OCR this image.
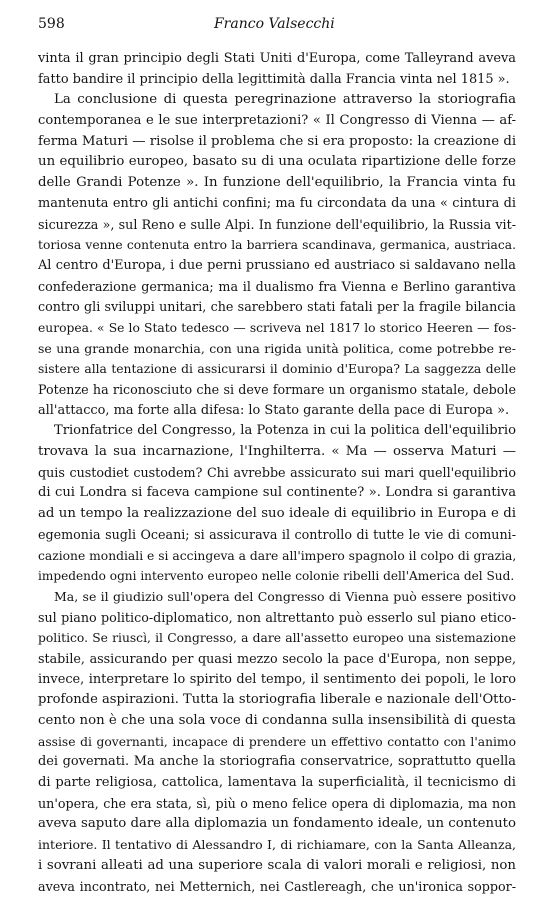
598	Franco Valsecchi
vinta il gran principio degli Stati Uniti d'Europa, come Talleyrand aveva
fatto bandire il principio della legittimità dalla Francia vinta nel 1815 ».
La conclusione di questa peregrinazione attraverso la storiografia
contemporanea e le sue interpretazioni? « Il Congresso di Vienna — af-
ferma Maturi — risolse il problema che si era proposto: la creazione di
un equilibrio europeo, basato su di una oculata ripartizione delle forze
delle Grandi Potenze ». In funzione dell'equilibrio, la Francia vinta fu
mantenuta entro gli antichi confini; ma fu circondata da una « cintura di
sicurezza », sul Reno e sulle Alpi. In funzione dell'equilibrio, la Russia vit-
toriosa venne contenuta entro la barriera scandinava, germanica, austriaca.
Al centro d'Europa, i due perni prussiano ed austriaco si saldavano nella
confederazione germanica; ma il dualismo fra Vienna e Berlino garantiva
contro gli sviluppi unitari, che sarebbero stati fatali per la fragile bilancia
europea. « Se lo Stato tedesco — scriveva nel 1817 lo storico Heeren — fos-
se una grande monarchia, con una rigida unità politica, come potrebbe re-
sistere alla tentazione di assicurarsi il dominio d'Europa? La saggezza delle
Potenze ha riconosciuto che si deve formare un organismo statale, debole
all'attacco, ma forte alla difesa: lo Stato garante della pace di Europa ».
Trionfatrice del Congresso, la Potenza in cui la politica dell'equilibrio
trovava la sua incarnazione, l'Inghilterra. « Ma — osserva Maturi —
quis custodiet custodem? Chi avrebbe assicurato sui mari quell'equilibrio
di cui Londra si faceva campione sul continente? ». Londra si garantiva
ad un tempo la realizzazione del suo ideale di equilibrio in Europa e di
egemonia sugli Oceani; si assicurava il controllo di tutte le vie di comuni-
cazione mondiali e si accingeva a dare all'impero spagnolo il colpo di grazia,
impedendo ogni intervento europeo nelle colonie ribelli dell'America del Sud.
Ma, se il giudizio sull'opera del Congresso di Vienna può essere positivo
sul piano politico-diplomatico, non altrettanto può esserlo sul piano etico-
politico. Se riuscì, il Congresso, a dare all'assetto europeo una sistemazione
stabile, assicurando per quasi mezzo secolo la pace d'Europa, non seppe,
invece, interpretare lo spirito del tempo, il sentimento dei popoli, le loro
profonde aspirazioni. Tutta la storiografia liberale e nazionale dell'Otto-
cento non è che una sola voce di condanna sulla insensibilità di questa
assise di governanti, incapace di prendere un effettivo contatto con l'animo
dei governati. Ma anche la storiografia conservatrice, soprattutto quella
di parte religiosa, cattolica, lamentava la superficialità, il tecnicismo di
un'opera, che era stata, sì, più o meno felice opera di diplomazia, ma non
aveva saputo dare alla diplomazia un fondamento ideale, un contenuto
interiore. Il tentativo di Alessandro I, di richiamare, con la Santa Alleanza,
i sovrani alleati ad una superiore scala di valori morali e religiosi, non
aveva incontrato, nei Metternich, nei Castlereagh, che un'ironica soppor-
